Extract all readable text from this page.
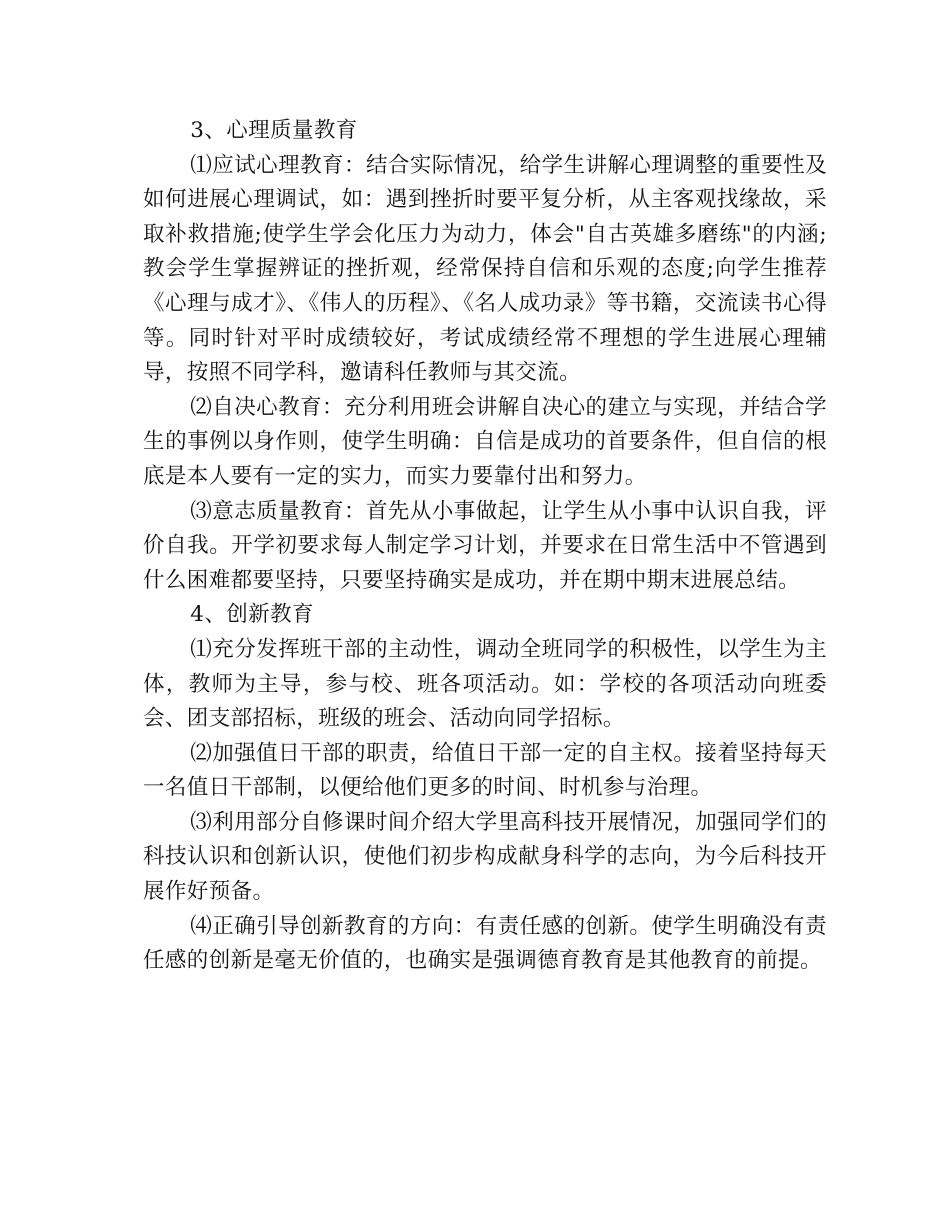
3、心理质量教育

⑴应试心理教育：结合实际情况，给学生讲解心理调整的重要性及如何进展心理调试，如：遇到挫折时要平复分析，从主客观找缘故，采取补救措施;使学生学会化压力为动力，体会"自古英雄多磨练"的内涵;教会学生掌握辨证的挫折观，经常保持自信和乐观的态度;向学生推荐《心理与成才》、《伟人的历程》、《名人成功录》等书籍，交流读书心得等。同时针对平时成绩较好，考试成绩经常不理想的学生进展心理辅导，按照不同学科，邀请科任教师与其交流。

⑵自决心教育：充分利用班会讲解自决心的建立与实现，并结合学生的事例以身作则，使学生明确：自信是成功的首要条件，但自信的根底是本人要有一定的实力，而实力要靠付出和努力。

⑶意志质量教育：首先从小事做起，让学生从小事中认识自我，评价自我。开学初要求每人制定学习计划，并要求在日常生活中不管遇到什么困难都要坚持，只要坚持确实是成功，并在期中期末进展总结。

4、创新教育

⑴充分发挥班干部的主动性，调动全班同学的积极性，以学生为主体，教师为主导，参与校、班各项活动。如：学校的各项活动向班委会、团支部招标，班级的班会、活动向同学招标。

⑵加强值日干部的职责，给值日干部一定的自主权。接着坚持每天一名值日干部制，以便给他们更多的时间、时机参与治理。

⑶利用部分自修课时间介绍大学里高科技开展情况，加强同学们的科技认识和创新认识，使他们初步构成献身科学的志向，为今后科技开展作好预备。

⑷正确引导创新教育的方向：有责任感的创新。使学生明确没有责任感的创新是毫无价值的，也确实是强调德育教育是其他教育的前提。
